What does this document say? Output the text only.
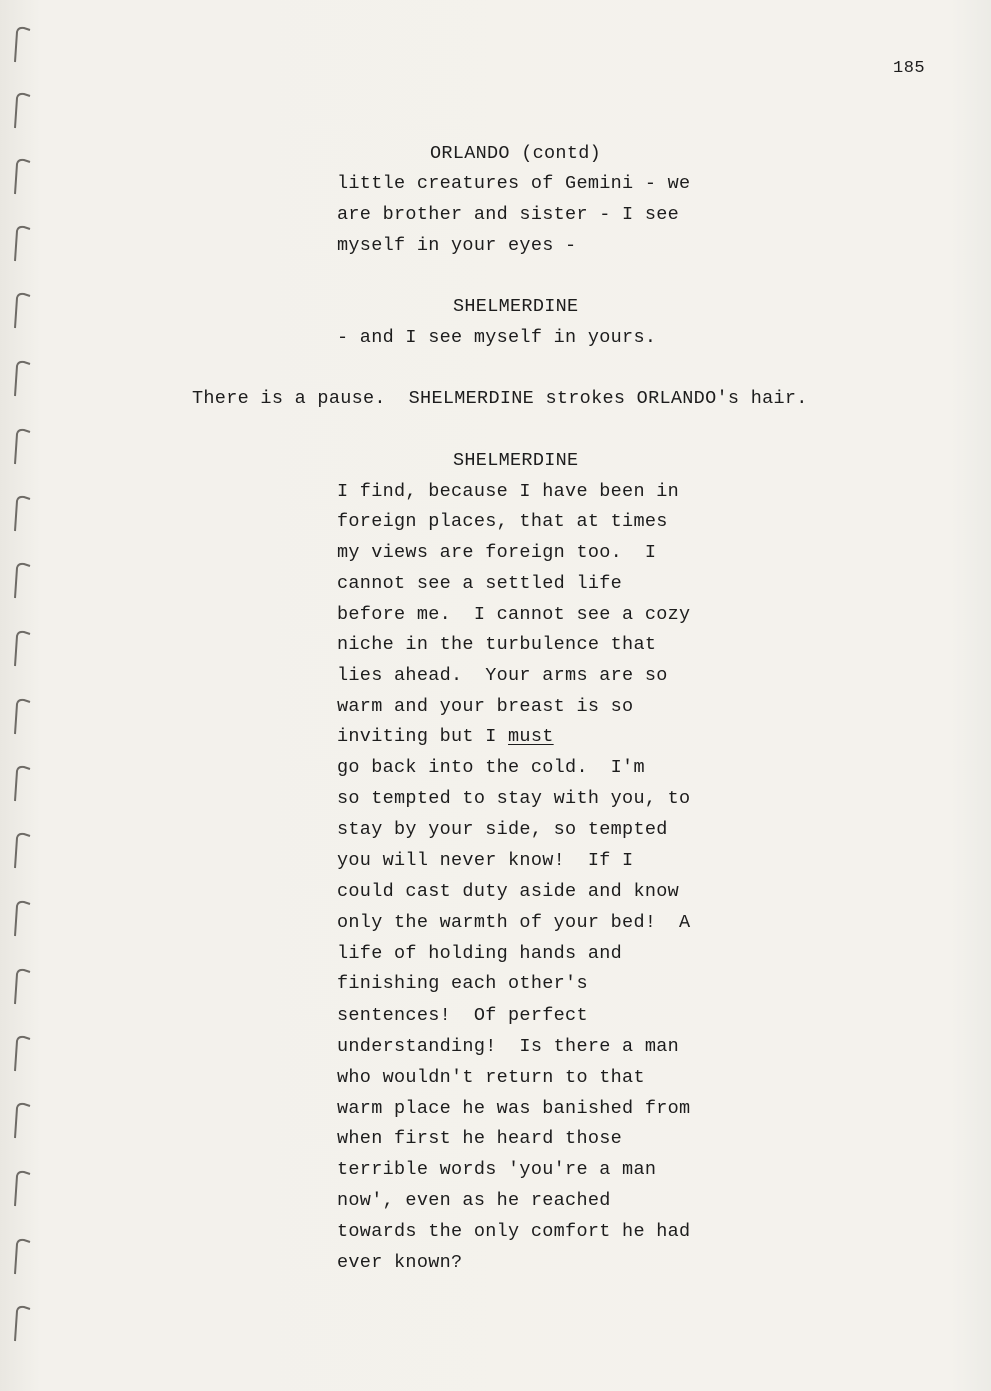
185
ORLANDO (contd)
little creatures of Gemini - we
are brother and sister - I see
myself in your eyes -
SHELMERDINE
- and I see myself in yours.
There is a pause.  SHELMERDINE strokes ORLANDO's hair.
SHELMERDINE
I find, because I have been in
foreign places, that at times
my views are foreign too.  I
cannot see a settled life
before me.  I cannot see a cozy
niche in the turbulence that
lies ahead.  Your arms are so
warm and your breast is so
inviting but I must
go back into the cold.  I'm
so tempted to stay with you, to
stay by your side, so tempted
you will never know!  If I
could cast duty aside and know
only the warmth of your bed!  A
life of holding hands and
finishing each other's
sentences!  Of perfect
understanding!  Is there a man
who wouldn't return to that
warm place he was banished from
when first he heard those
terrible words 'you're a man
now', even as he reached
towards the only comfort he had
ever known?
